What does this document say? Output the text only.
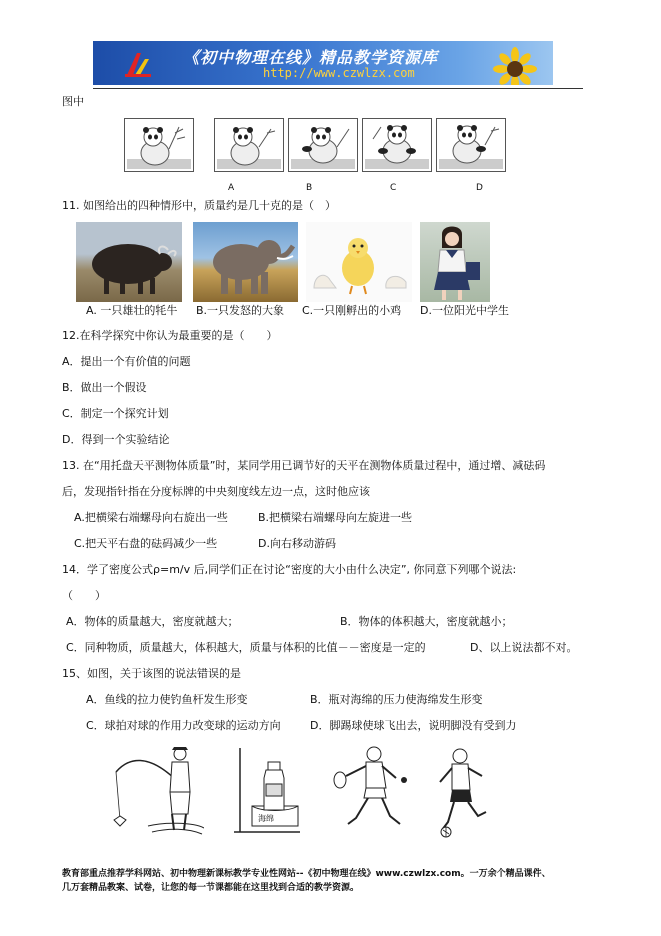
《初中物理在线》精品教学资源库
http://www.czwlzx.com
图中
A	B	C	D
11. 如图给出的四种情形中，质量约是几十克的是（　）
A. 一只雄壮的牦牛 B.一只发怒的大象 C.一只刚孵出的小鸡 D.一位阳光中学生
12.在科学探究中你认为最重要的是（　　）
A．提出一个有价值的问题
B．做出一个假设
C．制定一个探究计划
D．得到一个实验结论
13. 在“用托盘天平测物体质量”时，某同学用已调节好的天平在测物体质量过程中，通过增、减砝码
后，发现指针指在分度标牌的中央刻度线左边一点，这时他应该
A.把横梁右端螺母向右旋出一些	B.把横梁右端螺母向左旋进一些
C.把天平右盘的砝码减少一些	D.向右移动游码
14．学了密度公式ρ=m/v 后,同学们正在讨论“密度的大小由什么决定”, 你同意下列哪个说法:
（　　）
A．物体的质量越大，密度就越大；	B．物体的体积越大，密度就越小；
C．同种物质，质量越大，体积越大，质量与体积的比值－－密度是一定的	D、以上说法都不对。
15、如图，关于该图的说法错误的是
A．鱼线的拉力使钓鱼杆发生形变	B．瓶对海绵的压力使海绵发生形变
C．球拍对球的作用力改变球的运动方向	D．脚踢球使球飞出去，说明脚没有受到力
海绵
教育部重点推荐学科网站、初中物理新课标教学专业性网站--《初中物理在线》www.czwlzx.com。一万余个精品课件、
几万套精品教案、试卷，让您的每一节课都能在这里找到合适的教学资源。
